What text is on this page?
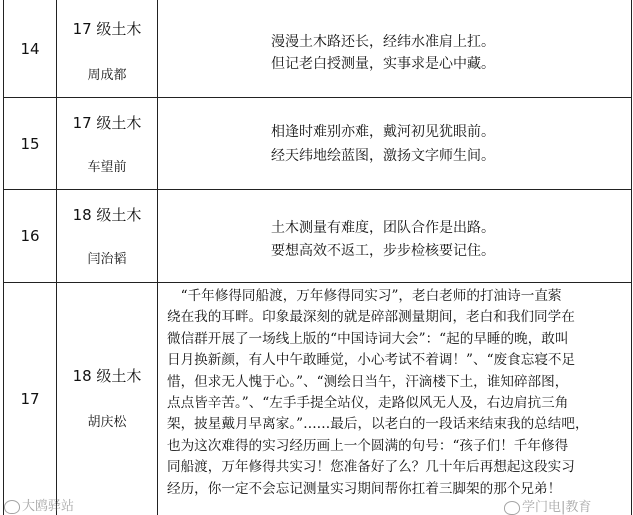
14
17 级土木
周成都
漫漫土木路还长，经纬水准肩上扛。
但记老白授测量，实事求是心中藏。
15
17 级土木
车望前
相逢时难别亦难，戴河初见犹眼前。
经天纬地绘蓝图，激扬文字师生间。
16
18 级土木
闫治韬
土木测量有难度，团队合作是出路。
要想高效不返工，步步检核要记住。
17
18 级土木
胡庆松
　“千年修得同船渡，万年修得同实习”，老白老师的打油诗一直萦
绕在我的耳畔。印象最深刻的就是碎部测量期间，老白和我们同学在
微信群开展了一场线上版的“中国诗词大会”：“起的早睡的晚，敢叫
日月换新颜，有人中午敢睡觉，小心考试不着调！”、“废食忘寝不足
惜，但求无人愧于心。”、“测绘日当午，汗滴楼下土，谁知碎部图，
点点皆辛苦。”、“左手手提全站仪，走路似风无人及，右边肩抗三角
架，披星戴月早离家。”……最后，以老白的一段话来结束我的总结吧，
也为这次难得的实习经历画上一个圆满的句号：“孩子们！千年修得
同船渡，万年修得共实习！您准备好了么？几十年后再想起这段实习
经历，你一定不会忘记测量实习期间帮你扛着三脚架的那个兄弟！
大鸥驿站	学门电|教育
